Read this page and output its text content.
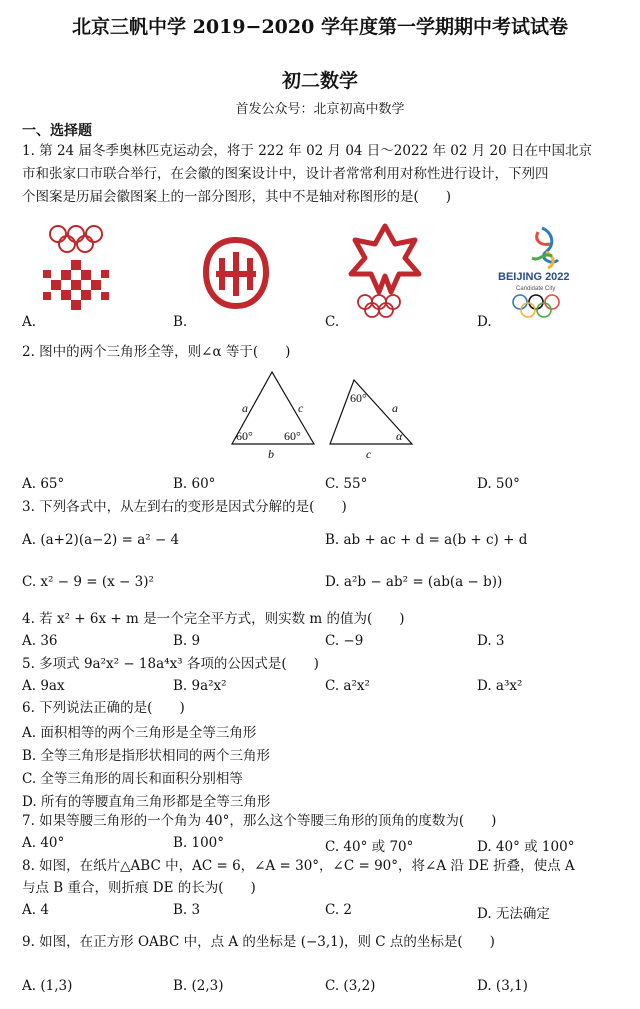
北京三帆中学 2019−2020 学年度第一学期期中考试试卷
初二数学
首发公众号：北京初高中数学
一、选择题
1. 第 24 届冬季奥林匹克运动会，将于 222 年 02 月 04 日～2022 年 02 月 20 日在中国北京
市和张家口市联合举行，在会徽的图案设计中，设计者常常利用对称性进行设计，下列四
个图案是历届会徽图案上的一部分图形，其中不是轴对称图形的是(　　)
BEIJING 2022
Candidate City
A.	B.	C.	D.
2. 图中的两个三角形全等，则∠α 等于(　　)
a	c
b
60°	60°
60°
a
c
α
A. 65°	B. 60°	C. 55°	D. 50°
3. 下列各式中，从左到右的变形是因式分解的是(　　)
A. (a+2)(a−2) = a² − 4	B. ab + ac + d = a(b + c) + d
C. x² − 9 = (x − 3)²	D. a²b − ab² = (ab(a − b))
4. 若 x² + 6x + m 是一个完全平方式，则实数 m 的值为(　　)
A. 36	B. 9	C. −9	D. 3
5. 多项式 9a²x² − 18a⁴x³ 各项的公因式是(　　)
A. 9ax	B. 9a²x²	C. a²x²	D. a³x²
6. 下列说法正确的是(　　)
A. 面积相等的两个三角形是全等三角形
B. 全等三角形是指形状相同的两个三角形
C. 全等三角形的周长和面积分别相等
D. 所有的等腰直角三角形都是全等三角形
7. 如果等腰三角形的一个角为 40°，那么这个等腰三角形的顶角的度数为(　　)
A. 40°	B. 100°	C. 40° 或 70°	D. 40° 或 100°
8. 如图，在纸片△ABC 中，AC = 6，∠A = 30°，∠C = 90°，将∠A 沿 DE 折叠，使点 A
与点 B 重合，则折痕 DE 的长为(　　)
A. 4	B. 3	C. 2	D. 无法确定
9. 如图，在正方形 OABC 中，点 A 的坐标是 (−3,1)，则 C 点的坐标是(　　)
A. (1,3)	B. (2,3)	C. (3,2)	D. (3,1)
